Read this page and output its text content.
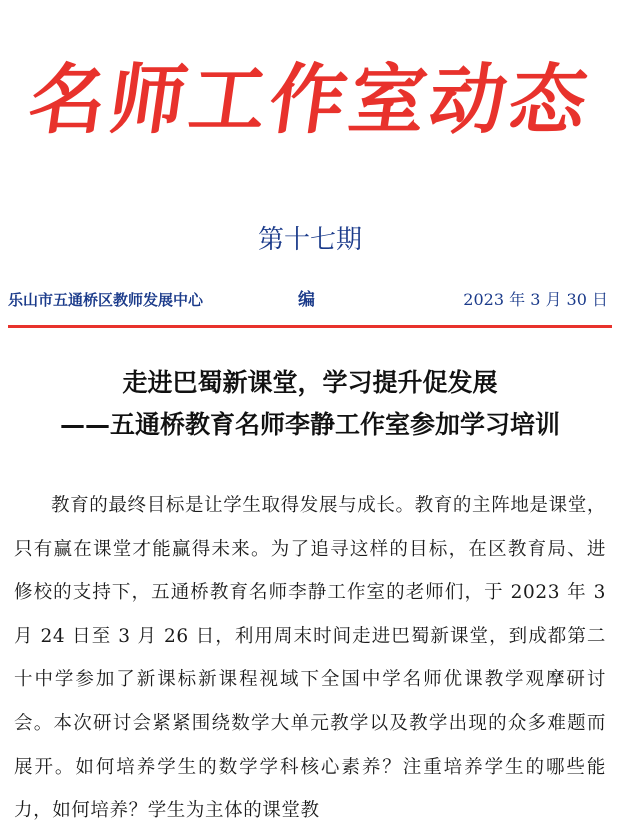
名师工作室动态
第十七期
乐山市五通桥区教师发展中心	编	2023 年 3 月 30 日
走进巴蜀新课堂，学习提升促发展
——五通桥教育名师李静工作室参加学习培训
教育的最终目标是让学生取得发展与成长。教育的主阵地是课堂，只有赢在课堂才能赢得未来。为了追寻这样的目标，在区教育局、进修校的支持下，五通桥教育名师李静工作室的老师们，于 2023 年 3 月 24 日至 3 月 26 日，利用周末时间走进巴蜀新课堂，到成都第二十中学参加了新课标新课程视域下全国中学名师优课教学观摩研讨会。本次研讨会紧紧围绕数学大单元教学以及教学出现的众多难题而展开。如何培养学生的数学学科核心素养？注重培养学生的哪些能力，如何培养？学生为主体的课堂教
